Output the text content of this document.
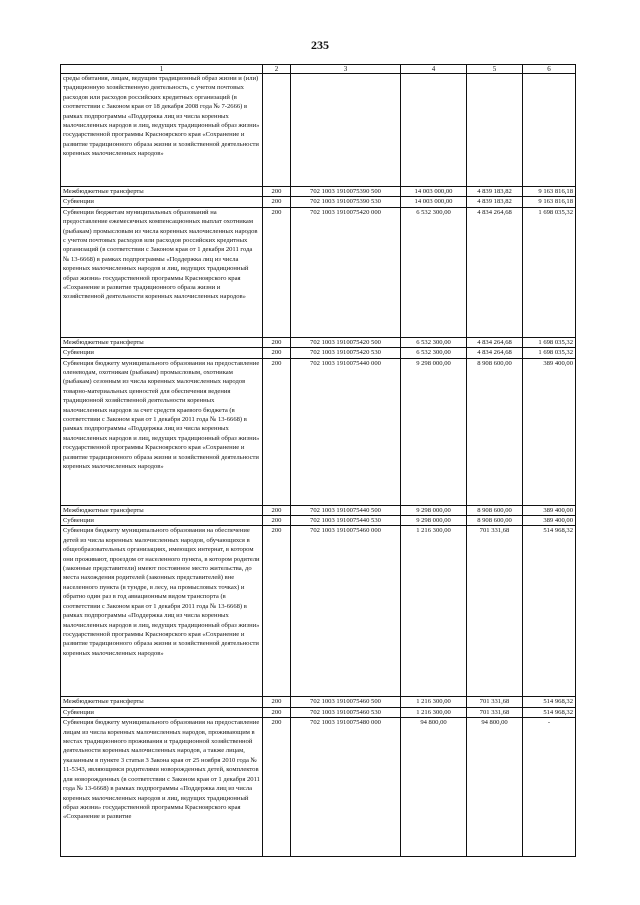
235
1	2	3	4	5	6
среды обитания, лицам, ведущим традиционный образ жизни и (или) традиционную хозяйственную деятельность, с учетом почтовых расходов или расходов российских кредитных организаций (в соответствии с Законом края от 18 декабря 2008 года № 7-2666) в рамках подпрограммы «Поддержка лиц из числа коренных малочисленных народов и лиц, ведущих традиционный образ жизни» государственной программы Красноярского края «Сохранение и развитие традиционного образа жизни и хозяйственной деятельности коренных малочисленных народов»					
Межбюджетные трансферты	200	702 1003 1910075390 500	14 003 000,00	4 839 183,82	9 163 816,18
Субвенции	200	702 1003 1910075390 530	14 003 000,00	4 839 183,82	9 163 816,18
Субвенции бюджетам муниципальных образований на предоставление ежемесячных компенсационных выплат охотникам (рыбакам) промысловым из числа коренных малочисленных народов с учетом почтовых расходов или расходов российских кредитных организаций (в соответствии с Законом края от 1 декабря 2011 года № 13-6668) в рамках подпрограммы «Поддержка лиц из числа коренных малочисленных народов и лиц, ведущих традиционный образ жизни» государственной программы Красноярского края «Сохранение и развитие традиционного образа жизни и хозяйственной деятельности коренных малочисленных народов»	200	702 1003 1910075420 000	6 532 300,00	4 834 264,68	1 698 035,32
Межбюджетные трансферты	200	702 1003 1910075420 500	6 532 300,00	4 834 264,68	1 698 035,32
Субвенции	200	702 1003 1910075420 530	6 532 300,00	4 834 264,68	1 698 035,32
Субвенция бюджету муниципального образования на предоставление оленеводам, охотникам (рыбакам) промысловым, охотникам (рыбакам) сезонным из числа коренных малочисленных народов товарно-материальных ценностей для обеспечения ведения традиционной хозяйственной деятельности коренных малочисленных народов за счет средств краевого бюджета (в соответствии с Законом края от 1 декабря 2011 года № 13-6668) в рамках подпрограммы «Поддержка лиц из числа коренных малочисленных народов и лиц, ведущих традиционный образ жизни» государственной программы Красноярского края «Сохранение и развитие традиционного образа жизни и хозяйственной деятельности коренных малочисленных народов»	200	702 1003 1910075440 000	9 298 000,00	8 908 600,00	389 400,00
Межбюджетные трансферты	200	702 1003 1910075440 500	9 298 000,00	8 908 600,00	389 400,00
Субвенции	200	702 1003 1910075440 530	9 298 000,00	8 908 600,00	389 400,00
Субвенция бюджету муниципального образования на обеспечение детей из числа коренных малочисленных народов, обучающихся в общеобразовательных организациях, имеющих интернат, в котором они проживают, проездом от населенного пункта, в котором родители (законные представители) имеют постоянное место жительства, до места нахождения родителей (законных представителей) вне населенного пункта (в тундре, в лесу, на промысловых точках) и обратно один раз в год авиационным видом транспорта (в соответствии с Законом края от 1 декабря 2011 года № 13-6668) в рамках подпрограммы «Поддержка лиц из числа коренных малочисленных народов и лиц, ведущих традиционный образ жизни» государственной программы Красноярского края «Сохранение и развитие традиционного образа жизни и хозяйственной деятельности коренных малочисленных народов»	200	702 1003 1910075460 000	1 216 300,00	701 331,68	514 968,32
Межбюджетные трансферты	200	702 1003 1910075460 500	1 216 300,00	701 331,68	514 968,32
Субвенции	200	702 1003 1910075460 530	1 216 300,00	701 331,68	514 968,32
Субвенция бюджету муниципального образования на предоставление лицам из числа коренных малочисленных народов, проживающим в местах традиционного проживания и традиционной хозяйственной деятельности коренных малочисленных народов, а также лицам, указанным в пункте 3 статьи 3 Закона края от 25 ноября 2010 года № 11-5343, являющимся родителями новорожденных детей, комплектов для новорожденных (в соответствии с Законом края от 1 декабря 2011 года № 13-6668) в рамках подпрограммы «Поддержка лиц из числа коренных малочисленных народов и лиц, ведущих традиционный образ жизни» государственной программы Красноярского края «Сохранение и развитие	200	702 1003 1910075480 000	94 800,00	94 800,00	-
